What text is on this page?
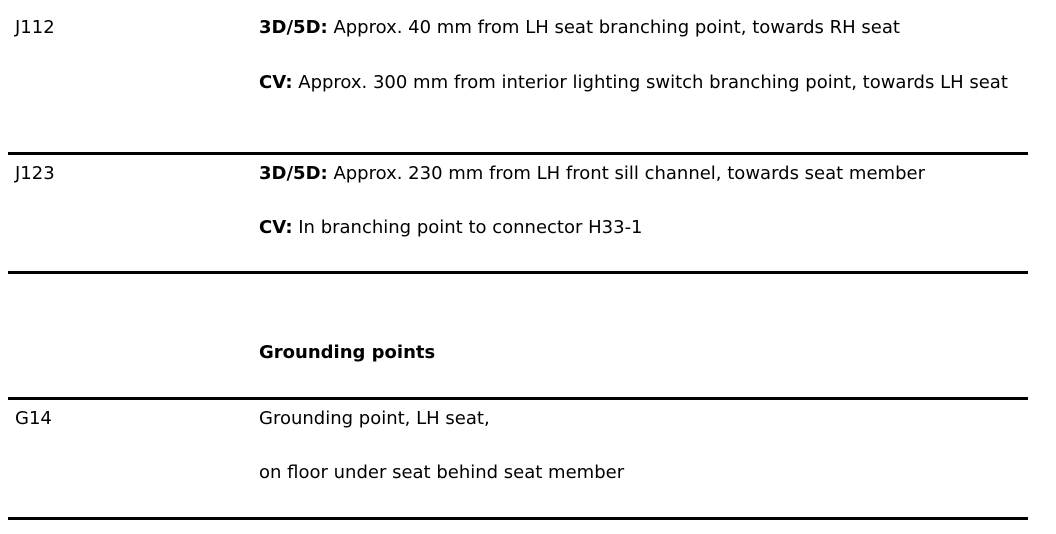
J112	3D/5D: Approx. 40 mm from LH seat branching point, towards RH seat
CV: Approx. 300 mm from interior lighting switch branching point, towards LH seat
J123	3D/5D: Approx. 230 mm from LH front sill channel, towards seat member
CV: In branching point to connector H33-1
Grounding points
G14	Grounding point, LH seat,
on floor under seat behind seat member
